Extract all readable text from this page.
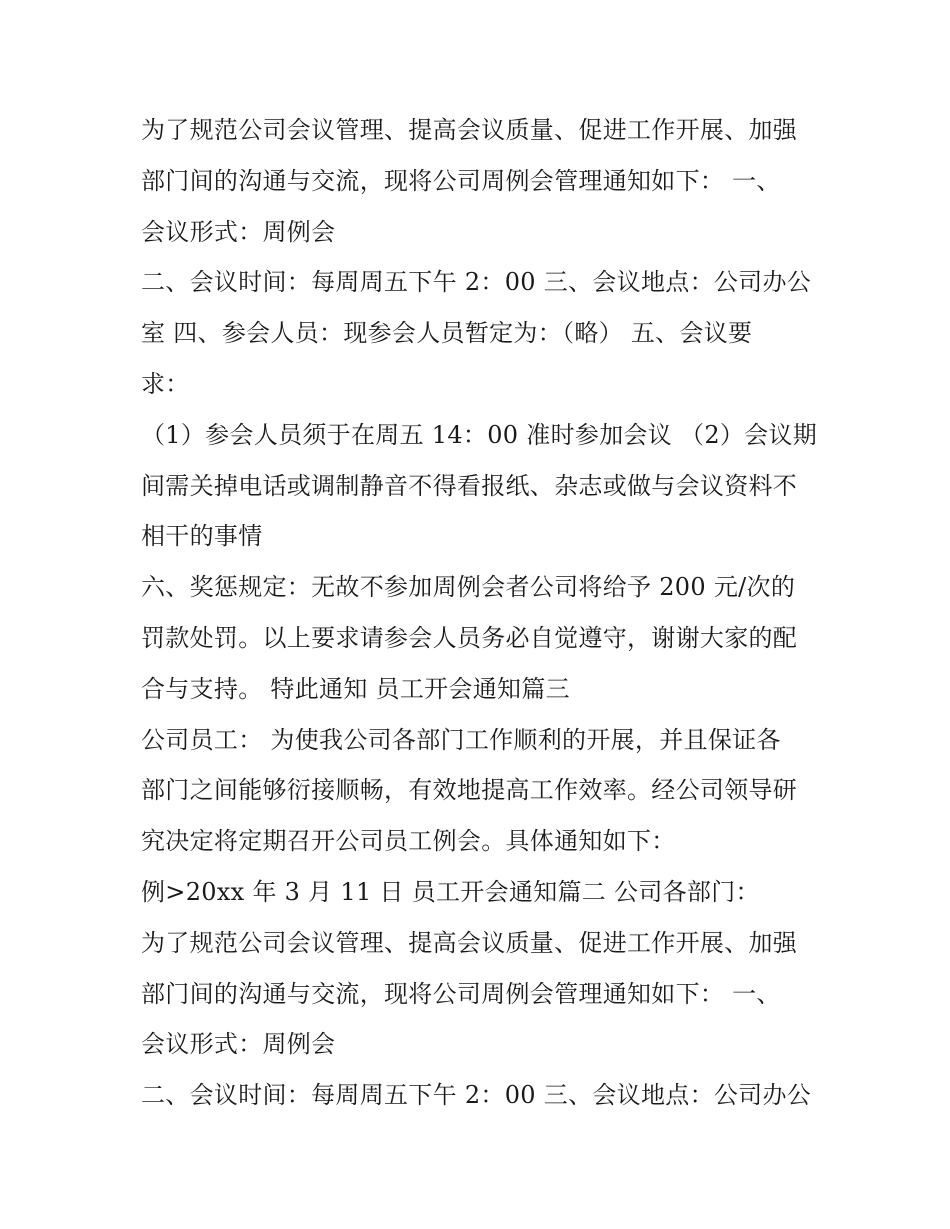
为了规范公司会议管理、提高会议质量、促进工作开展、加强
部门间的沟通与交流，现将公司周例会管理通知如下： 一、
会议形式：周例会
二、会议时间：每周周五下午 2：00 三、会议地点：公司办公
室 四、参会人员：现参会人员暂定为：（略） 五、会议要
求：
（1）参会人员须于在周五 14：00 准时参加会议 （2）会议期
间需关掉电话或调制静音不得看报纸、杂志或做与会议资料不
相干的事情
六、奖惩规定：无故不参加周例会者公司将给予 200 元/次的
罚款处罚。以上要求请参会人员务必自觉遵守，谢谢大家的配
合与支持。 特此通知 员工开会通知篇三
公司员工： 为使我公司各部门工作顺利的开展，并且保证各
部门之间能够衍接顺畅，有效地提高工作效率。经公司领导研
究决定将定期召开公司员工例会。具体通知如下：
例>20xx 年 3 月 11 日 员工开会通知篇二 公司各部门：
为了规范公司会议管理、提高会议质量、促进工作开展、加强
部门间的沟通与交流，现将公司周例会管理通知如下： 一、
会议形式：周例会
二、会议时间：每周周五下午 2：00 三、会议地点：公司办公
